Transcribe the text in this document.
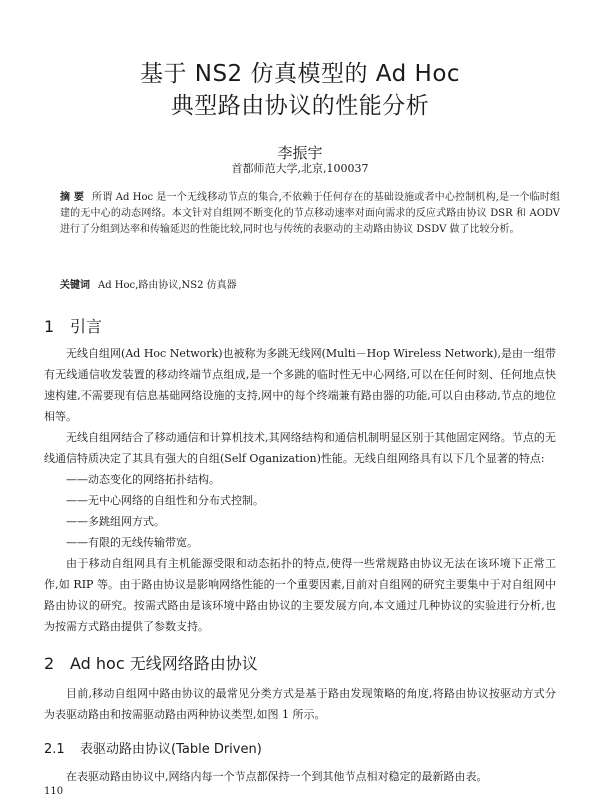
基于 NS2 仿真模型的 Ad Hoc
典型路由协议的性能分析
李振宇
首都师范大学,北京,100037
摘 要 所谓 Ad Hoc 是一个无线移动节点的集合,不依赖于任何存在的基础设施或者中心控制机构,是一个临时组建的无中心的动态网络。本文针对自组网不断变化的节点移动速率对面向需求的反应式路由协议 DSR 和 AODV 进行了分组到达率和传输延迟的性能比较,同时也与传统的表驱动的主动路由协议 DSDV 做了比较分析。
关键词 Ad Hoc,路由协议,NS2 仿真器
1 引言

无线自组网(Ad Hoc Network)也被称为多跳无线网(Multi－Hop Wireless Network),是由一组带有无线通信收发装置的移动终端节点组成,是一个多跳的临时性无中心网络,可以在任何时刻、任何地点快速构建,不需要现有信息基础网络设施的支持,网中的每个终端兼有路由器的功能,可以自由移动,节点的地位相等。

无线自组网结合了移动通信和计算机技术,其网络结构和通信机制明显区别于其他固定网络。节点的无线通信特质决定了其具有强大的自组(Self Oganization)性能。无线自组网络具有以下几个显著的特点:

——动态变化的网络拓扑结构。

——无中心网络的自组性和分布式控制。

——多跳组网方式。

——有限的无线传输带宽。

由于移动自组网具有主机能源受限和动态拓扑的特点,使得一些常规路由协议无法在该环境下正常工作,如 RIP 等。由于路由协议是影响网络性能的一个重要因素,目前对自组网的研究主要集中于对自组网中路由协议的研究。按需式路由是该环境中路由协议的主要发展方向,本文通过几种协议的实验进行分析,也为按需方式路由提供了参数支持。

2 Ad hoc 无线网络路由协议

目前,移动自组网中路由协议的最常见分类方式是基于路由发现策略的角度,将路由协议按驱动方式分为表驱动路由和按需驱动路由两种协议类型,如图 1 所示。

2.1 表驱动路由协议(Table Driven)

在表驱动路由协议中,网络内每一个节点都保持一个到其他节点相对稳定的最新路由表。

110
